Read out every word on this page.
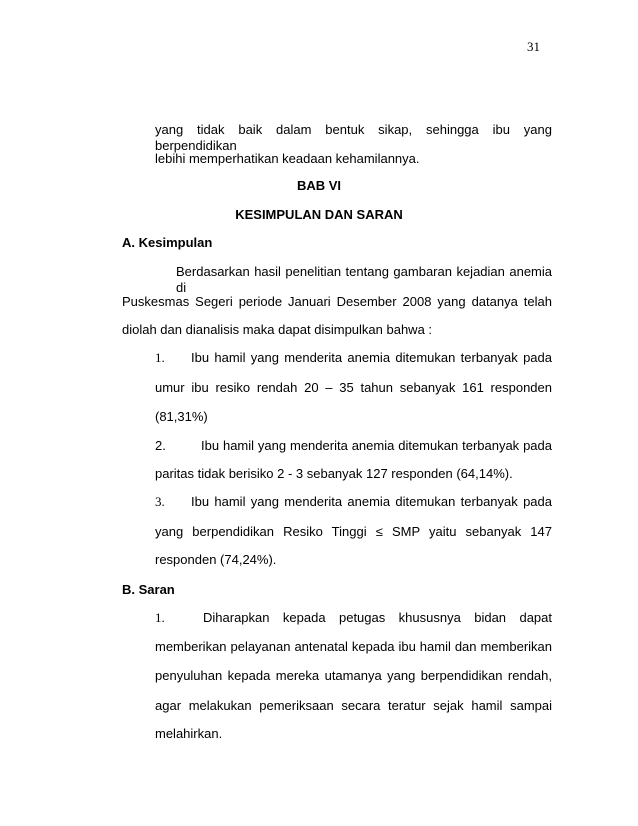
31
yang tidak baik dalam bentuk sikap, sehingga ibu yang berpendidikan
lebihi memperhatikan keadaan kehamilannya.
BAB VI
KESIMPULAN DAN SARAN
A. Kesimpulan
Berdasarkan hasil penelitian tentang gambaran kejadian anemia di
Puskesmas Segeri periode Januari Desember 2008 yang datanya telah
diolah dan dianalisis maka dapat disimpulkan bahwa :
1.	Ibu hamil yang menderita anemia ditemukan terbanyak pada
umur ibu resiko rendah 20 – 35 tahun sebanyak 161 responden
(81,31%)
2.	Ibu hamil yang menderita anemia ditemukan terbanyak pada
paritas tidak berisiko 2 - 3 sebanyak 127 responden (64,14%).
3.	Ibu hamil yang menderita anemia ditemukan terbanyak pada
yang berpendidikan Resiko Tinggi ≤ SMP yaitu sebanyak 147
responden (74,24%).
B. Saran
1.	Diharapkan kepada petugas khususnya bidan dapat
memberikan pelayanan antenatal kepada ibu hamil dan memberikan
penyuluhan kepada mereka utamanya yang berpendidikan rendah,
agar melakukan pemeriksaan secara teratur sejak hamil sampai
melahirkan.
